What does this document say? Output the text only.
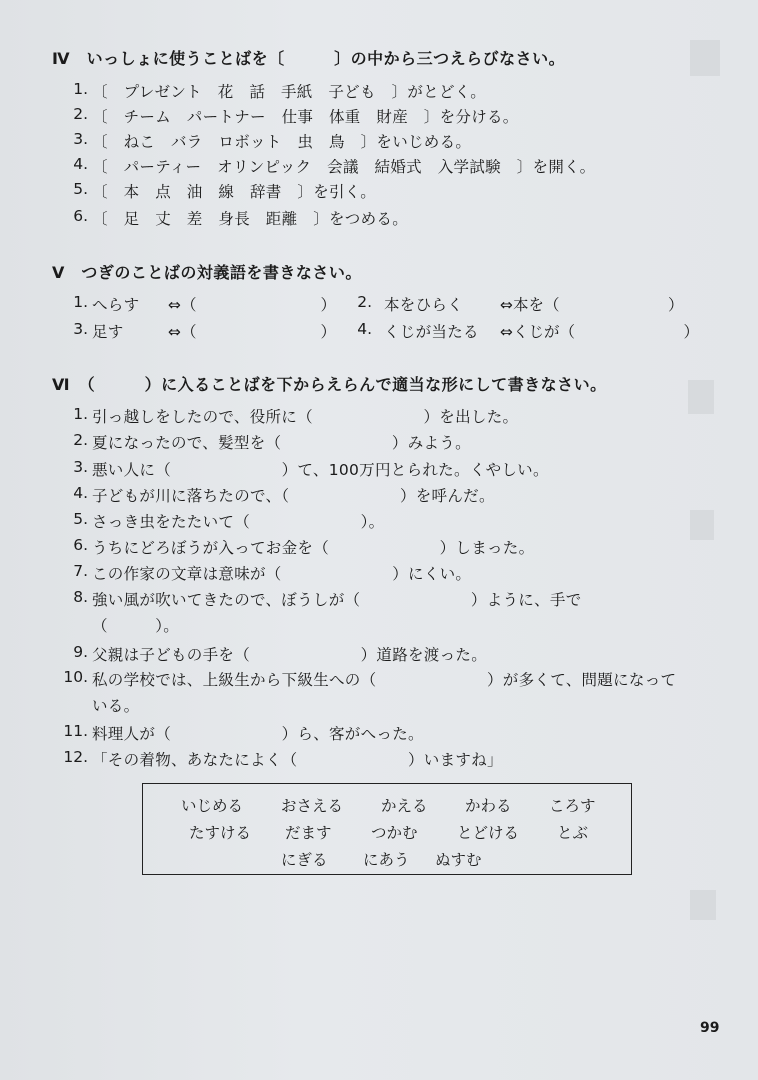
Ⅳ　いっしょに使うことばを〔　　　〕の中から三つえらびなさい。
1. 〔　プレゼント　花　話　手紙　子ども　〕がとどく。
2. 〔　チーム　パートナー　仕事　体重　財産　〕を分ける。
3. 〔　ねこ　バラ　ロボット　虫　鳥　〕をいじめる。
4. 〔　パーティー　オリンピック　会議　結婚式　入学試験　〕を開く。
5. 〔　本　点　油　線　辞書　〕を引く。
6. 〔　足　丈　差　身長　距離　〕をつめる。
Ⅴ　つぎのことばの対義語を書きなさい。
1. へらす ⇔（　　　　　　　　）	2. 本をひらく ⇔本を（　　　　　　　）
3. 足す	⇔（　　　　　　　　）	4. くじが当たる ⇔くじが（　　　　　　　）
Ⅵ　（　　　）に入ることばを下からえらんで適当な形にして書きなさい。
1. 引っ越しをしたので、役所に（　　　　　　　）を出した。
2. 夏になったので、髪型を（　　　　　　　）みよう。
3. 悪い人に（　　　　　　　）て、100万円とられた。くやしい。
4. 子どもが川に落ちたので、（　　　　　　　）を呼んだ。
5. さっき虫をたたいて（　　　　　　　）。
6. うちにどろぼうが入ってお金を（　　　　　　　）しまった。
7. この作家の文章は意味が（　　　　　　　）にくい。
8. 強い風が吹いてきたので、ぼうしが（　　　　　　　）ように、手で
（　　　）。
9. 父親は子どもの手を（　　　　　　　）道路を渡った。
10. 私の学校では、上級生から下級生への（　　　　　　　）が多くて、問題になって
いる。
11. 料理人が（　　　　　　　）ら、客がへった。
12. 「その着物、あなたによく（　　　　　　　）いますね」
いじめる おさえる かえる かわる ころす
たすける だます	つかむ	とどける とぶ
にぎる にあう ぬすむ
99
